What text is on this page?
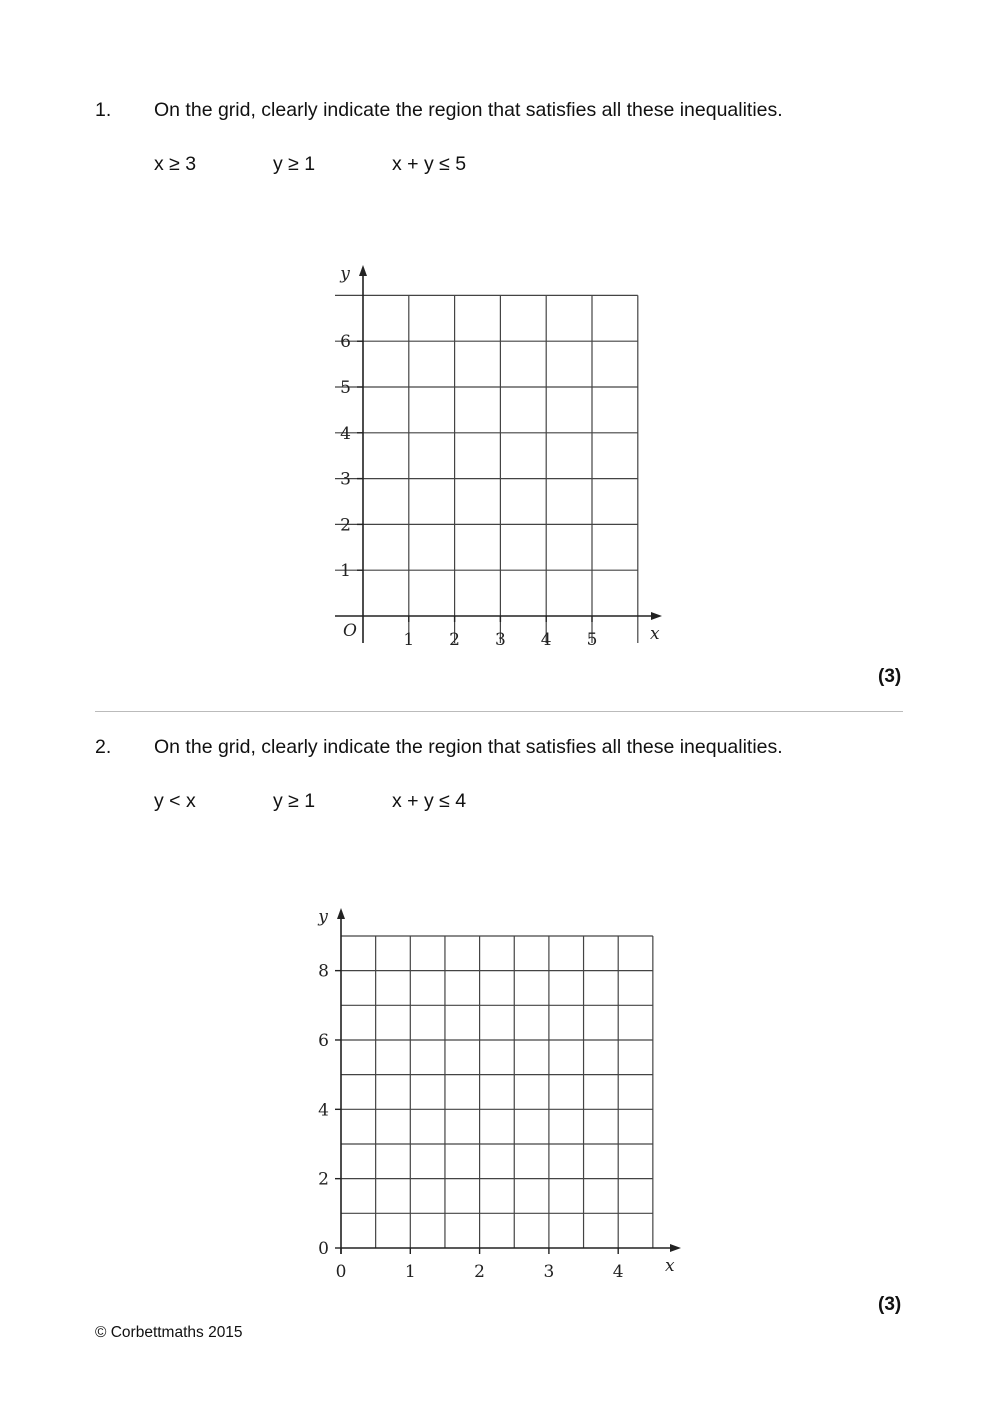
1. On the grid, clearly indicate the region that satisfies all these inequalities.
x ≥ 3	y ≥ 1	x + y ≤ 5
1 2 3 4 5
1
2
3
4
5
6
x
y
O
(3)
2. On the grid, clearly indicate the region that satisfies all these inequalities.
y < x	y ≥ 1	x + y ≤ 4
0	1	2	3	4
0
2
4
6
8
x
y
(3)
© Corbettmaths 2015
